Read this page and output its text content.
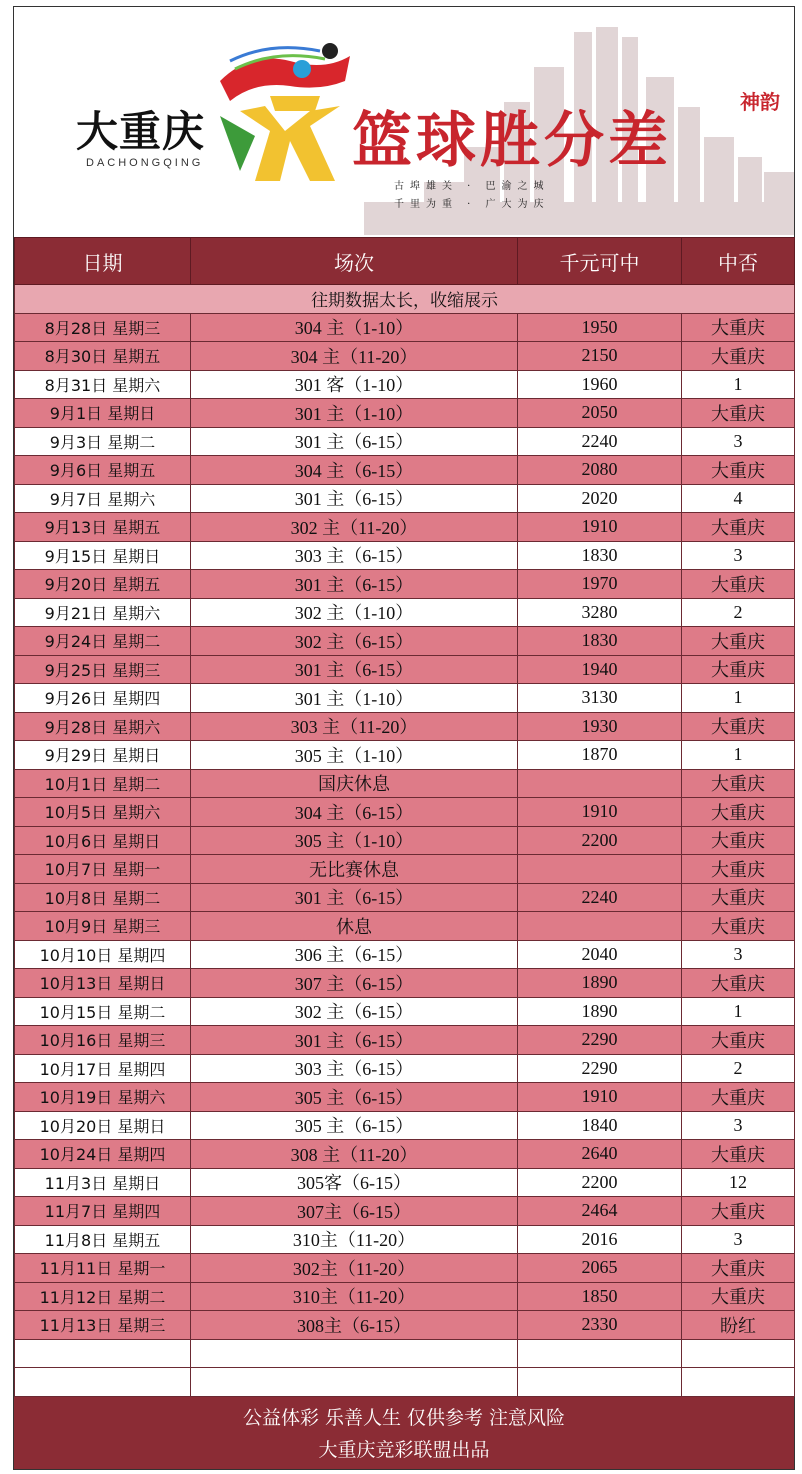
大重庆
DACHONGQING 篮球胜分差
古埠雄关 · 巴渝之城
千里为重 · 广大为庆
神韵
日期	场次	千元可中	中否
往期数据太长，收缩展示			
8月28日 星期三	304 主（1-10）	1950	大重庆
8月30日 星期五	304 主（11-20）	2150	大重庆
8月31日 星期六	301 客（1-10）	1960	1
9月1日 星期日	301 主（1-10）	2050	大重庆
9月3日 星期二	301 主（6-15）	2240	3
9月6日 星期五	304 主（6-15）	2080	大重庆
9月7日 星期六	301 主（6-15）	2020	4
9月13日 星期五	302 主（11-20）	1910	大重庆
9月15日 星期日	303 主（6-15）	1830	3
9月20日 星期五	301 主（6-15）	1970	大重庆
9月21日 星期六	302 主（1-10）	3280	2
9月24日 星期二	302 主（6-15）	1830	大重庆
9月25日 星期三	301 主（6-15）	1940	大重庆
9月26日 星期四	301 主（1-10）	3130	1
9月28日 星期六	303 主（11-20）	1930	大重庆
9月29日 星期日	305 主（1-10）	1870	1
10月1日 星期二	国庆休息		大重庆
10月5日 星期六	304 主（6-15）	1910	大重庆
10月6日 星期日	305 主（1-10）	2200	大重庆
10月7日 星期一	无比赛休息		大重庆
10月8日 星期二	301 主（6-15）	2240	大重庆
10月9日 星期三	休息		大重庆
10月10日 星期四	306 主（6-15）	2040	3
10月13日 星期日	307 主（6-15）	1890	大重庆
10月15日 星期二	302 主（6-15）	1890	1
10月16日 星期三	301 主（6-15）	2290	大重庆
10月17日 星期四	303 主（6-15）	2290	2
10月19日 星期六	305 主（6-15）	1910	大重庆
10月20日 星期日	305 主（6-15）	1840	3
10月24日 星期四	308 主（11-20）	2640	大重庆
11月3日 星期日	305客（6-15）	2200	12
11月7日 星期四	307主（6-15）	2464	大重庆
11月8日 星期五	310主（11-20）	2016	3
11月11日 星期一	302主（11-20）	2065	大重庆
11月12日 星期二	310主（11-20）	1850	大重庆
11月13日 星期三	308主（6-15）	2330	盼红

公益体彩 乐善人生 仅供参考 注意风险
大重庆竞彩联盟出品
